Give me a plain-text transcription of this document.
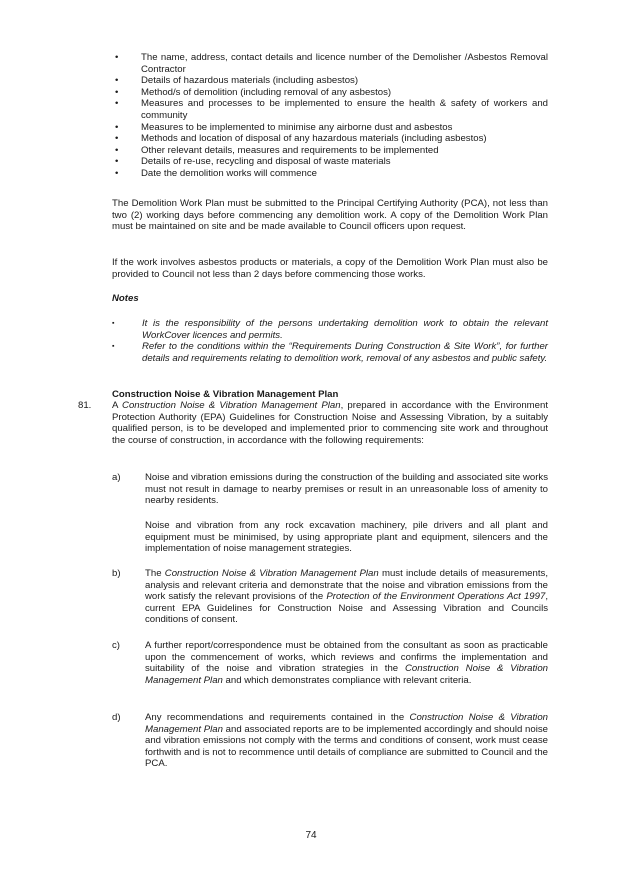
• The name, address, contact details and licence number of the Demolisher /Asbestos Removal Contractor
• Details of hazardous materials (including asbestos)
• Method/s of demolition (including removal of any asbestos)
• Measures and processes to be implemented to ensure the health & safety of workers and community
• Measures to be implemented to minimise any airborne dust and asbestos
• Methods and location of disposal of any hazardous materials (including asbestos)
• Other relevant details, measures and requirements to be implemented
• Details of re-use, recycling and disposal of waste materials
• Date the demolition works will commence

The Demolition Work Plan must be submitted to the Principal Certifying Authority (PCA), not less than two (2) working days before commencing any demolition work. A copy of the Demolition Work Plan must be maintained on site and be made available to Council officers upon request.

If the work involves asbestos products or materials, a copy of the Demolition Work Plan must also be provided to Council not less than 2 days before commencing those works.

Notes

▪	It is the responsibility of the persons undertaking demolition work to obtain the relevant WorkCover licences and permits.
▪	Refer to the conditions within the “Requirements During Construction & Site Work”, for further details and requirements relating to demolition work, removal of any asbestos and public safety.

Construction Noise & Vibration Management Plan

81. A Construction Noise & Vibration Management Plan, prepared in accordance with the Environment Protection Authority (EPA) Guidelines for Construction Noise and Assessing Vibration, by a suitably qualified person, is to be developed and implemented prior to commencing site work and throughout the course of construction, in accordance with the following requirements:

a)	Noise and vibration emissions during the construction of the building and associated site works must not result in damage to nearby premises or result in an unreasonable loss of amenity to nearby residents.

Noise and vibration from any rock excavation machinery, pile drivers and all plant and equipment must be minimised, by using appropriate plant and equipment, silencers and the implementation of noise management strategies.

b)	The Construction Noise & Vibration Management Plan must include details of measurements, analysis and relevant criteria and demonstrate that the noise and vibration emissions from the work satisfy the relevant provisions of the Protection of the Environment Operations Act 1997, current EPA Guidelines for Construction Noise and Assessing Vibration and Councils conditions of consent.

c)	A further report/correspondence must be obtained from the consultant as soon as practicable upon the commencement of works, which reviews and confirms the implementation and suitability of the noise and vibration strategies in the Construction Noise & Vibration Management Plan and which demonstrates compliance with relevant criteria.

d)	Any recommendations and requirements contained in the Construction Noise & Vibration Management Plan and associated reports are to be implemented accordingly and should noise and vibration emissions not comply with the terms and conditions of consent, work must cease forthwith and is not to recommence until details of compliance are submitted to Council and the PCA.

74
